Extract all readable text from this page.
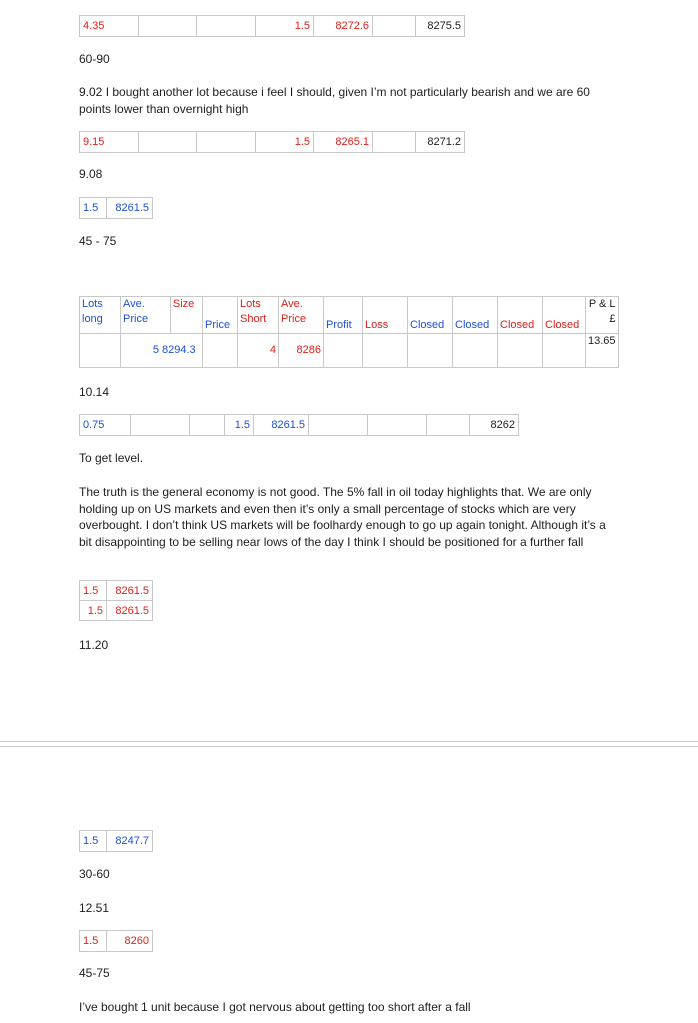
4.35			1.5	8272.6		8275.5
60-90
9.02 I bought another lot because i feel I should, given I’m not particularly bearish and we are 60 points lower than overnight high
9.15			1.5	8265.1		8271.2
9.08
1.5	8261.5
45 - 75
Lots long	Ave. Price	Size	Price	Lots Short	Ave. Price	Profit	Loss	Closed	Closed	Closed	Closed	P & L £

	5 8294.3			4	8286							13.65
10.14
0.75			1.5	8261.5				8262
To get level.
The truth is the general economy is not good. The 5% fall in oil today highlights that. We are only holding up on US markets and even then it’s only a small percentage of stocks which are very overbought. I don’t think US markets will be foolhardy enough to go up again tonight. Although it’s a bit disappointing to be selling near lows of the day I think I should be positioned for a further fall
1.5	8261.5
1.5	8261.5
11.20
1.5	8247.7
30-60
12.51
1.5	8260
45-75
I’ve bought 1 unit because I got nervous about getting too short after a fall
